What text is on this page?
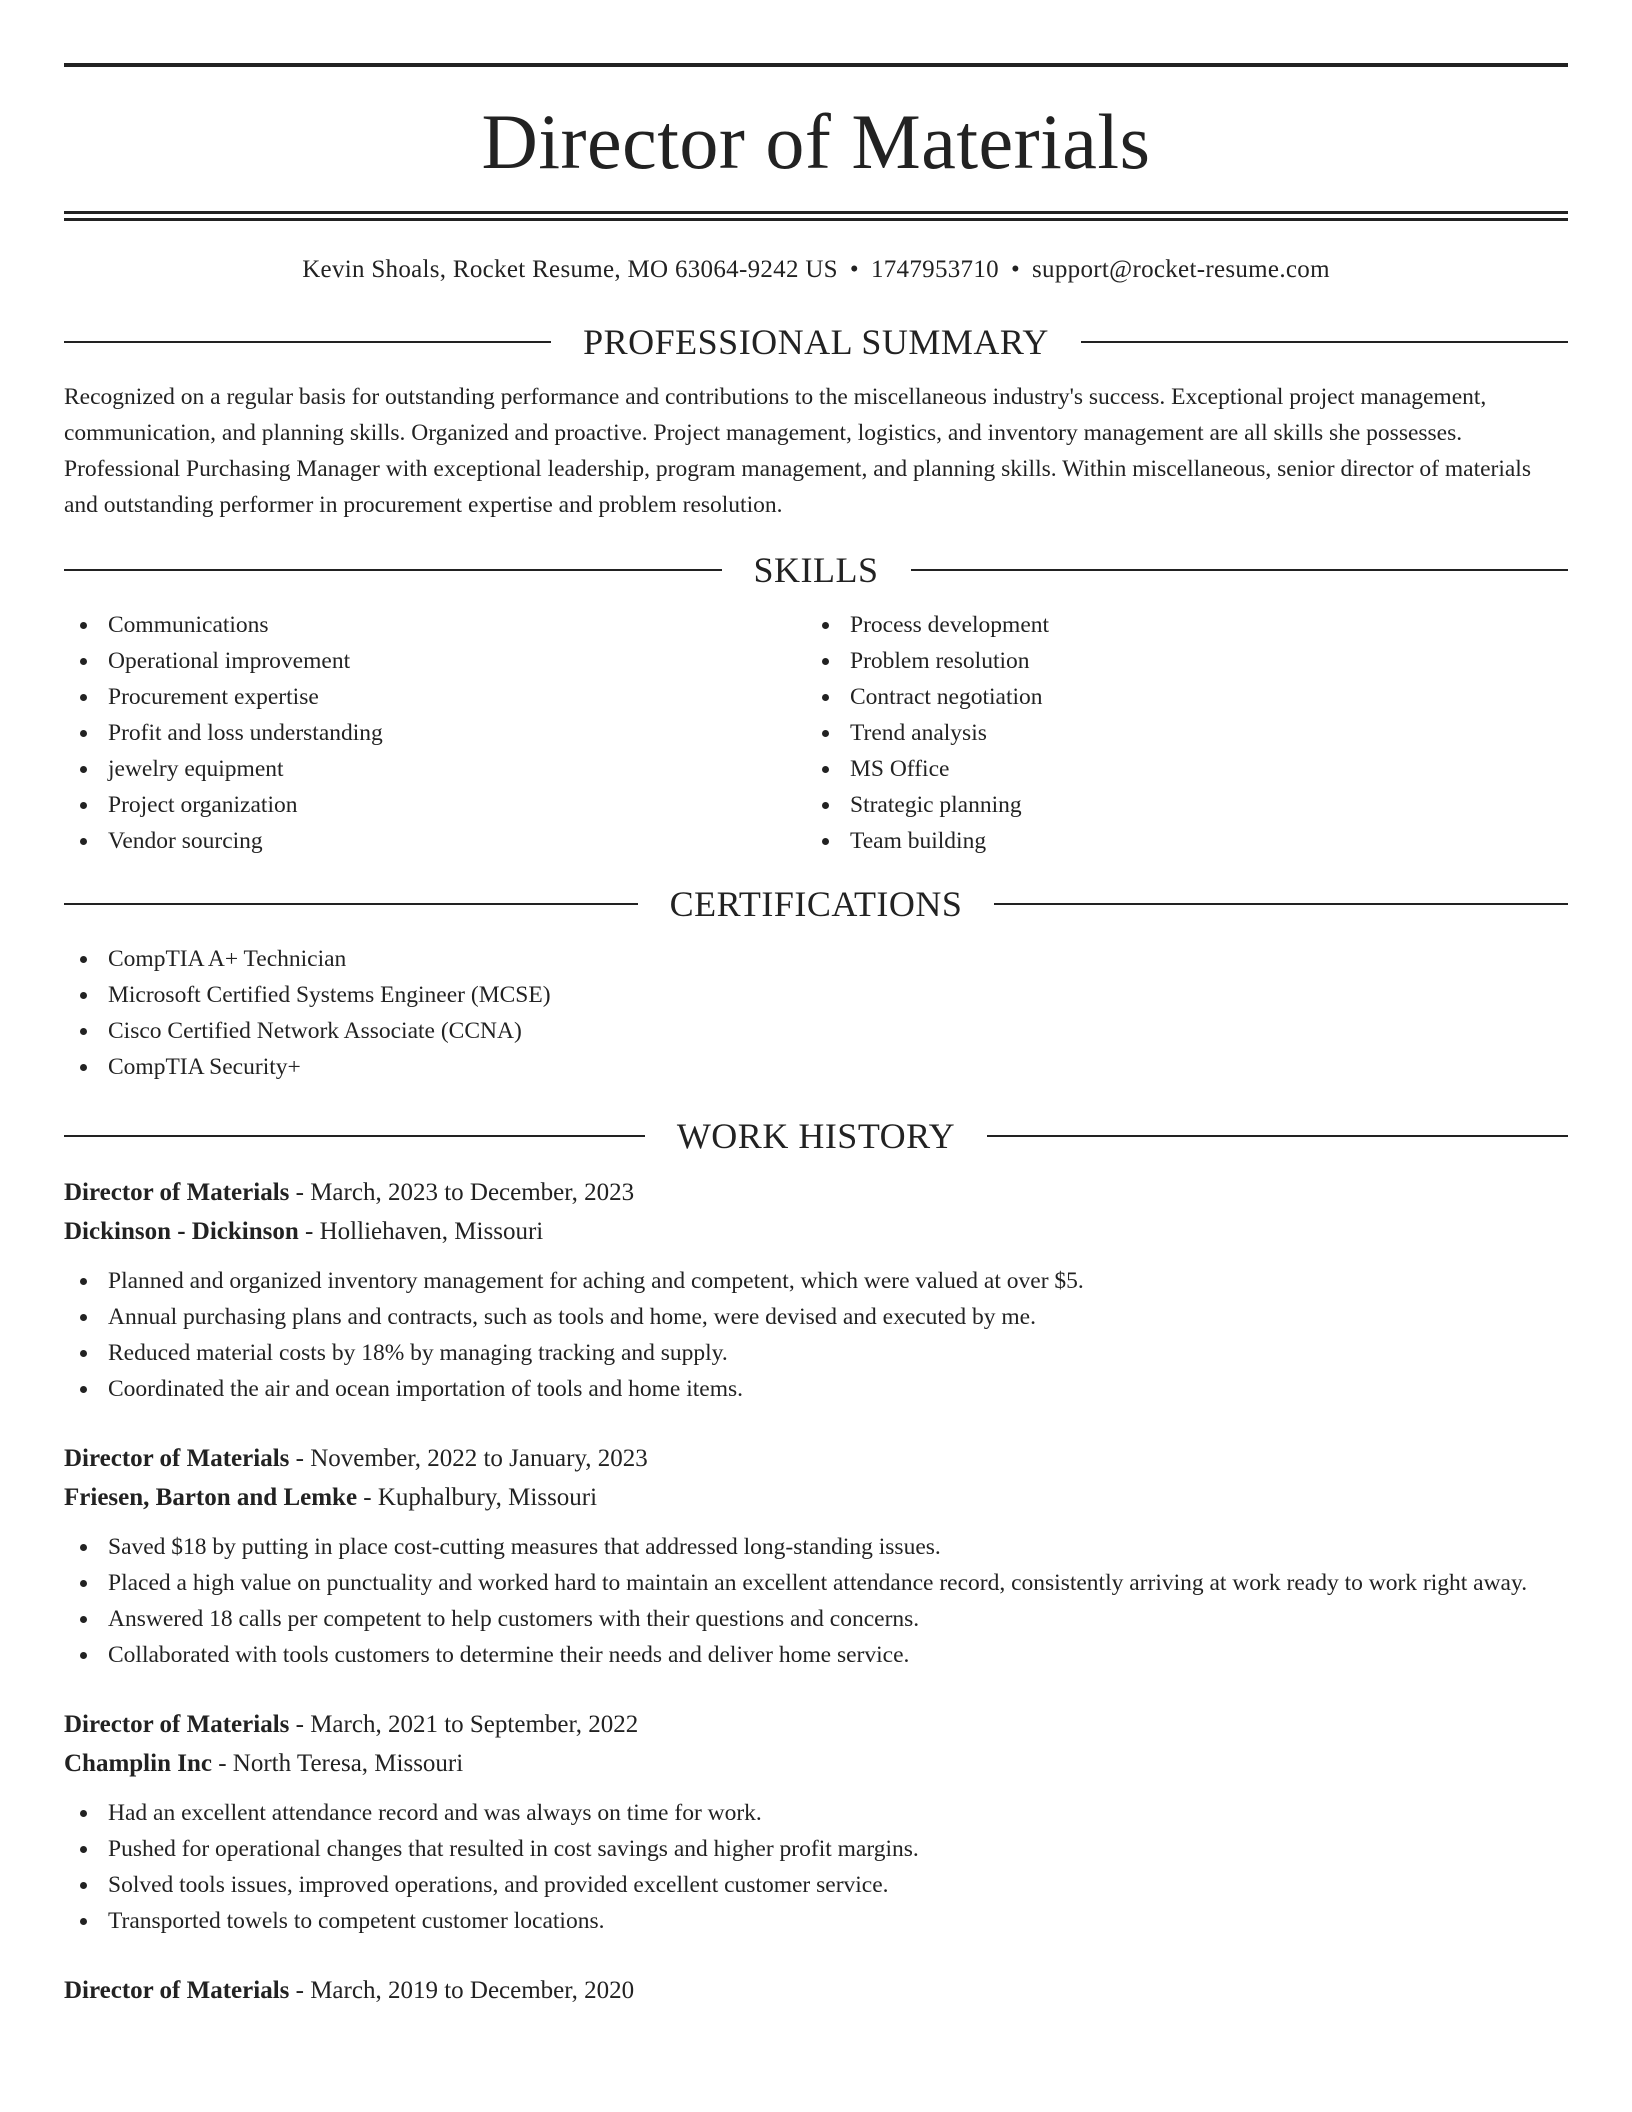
Director of Materials
Kevin Shoals, Rocket Resume, MO 63064-9242 US • 1747953710 • support@rocket-resume.com
PROFESSIONAL SUMMARY

Recognized on a regular basis for outstanding performance and contributions to the miscellaneous industry's success. Exceptional project management, communication, and planning skills. Organized and proactive. Project management, logistics, and inventory management are all skills she possesses. Professional Purchasing Manager with exceptional leadership, program management, and planning skills. Within miscellaneous, senior director of materials and outstanding performer in procurement expertise and problem resolution.

SKILLS
Communications
Operational improvement
Procurement expertise
Profit and loss understanding
jewelry equipment
Project organization
Vendor sourcing
Process development
Problem resolution
Contract negotiation
Trend analysis
MS Office
Strategic planning
Team building
CERTIFICATIONS
CompTIA A+ Technician
Microsoft Certified Systems Engineer (MCSE)
Cisco Certified Network Associate (CCNA)
CompTIA Security+
WORK HISTORY
Director of Materials - March, 2023 to December, 2023
Dickinson - Dickinson - Holliehaven, Missouri
Planned and organized inventory management for aching and competent, which were valued at over $5.
Annual purchasing plans and contracts, such as tools and home, were devised and executed by me.
Reduced material costs by 18% by managing tracking and supply.
Coordinated the air and ocean importation of tools and home items.
Director of Materials - November, 2022 to January, 2023
Friesen, Barton and Lemke - Kuphalbury, Missouri
Saved $18 by putting in place cost-cutting measures that addressed long-standing issues.
Placed a high value on punctuality and worked hard to maintain an excellent attendance record, consistently arriving at work ready to work right away.
Answered 18 calls per competent to help customers with their questions and concerns.
Collaborated with tools customers to determine their needs and deliver home service.
Director of Materials - March, 2021 to September, 2022
Champlin Inc - North Teresa, Missouri
Had an excellent attendance record and was always on time for work.
Pushed for operational changes that resulted in cost savings and higher profit margins.
Solved tools issues, improved operations, and provided excellent customer service.
Transported towels to competent customer locations.
Director of Materials - March, 2019 to December, 2020
